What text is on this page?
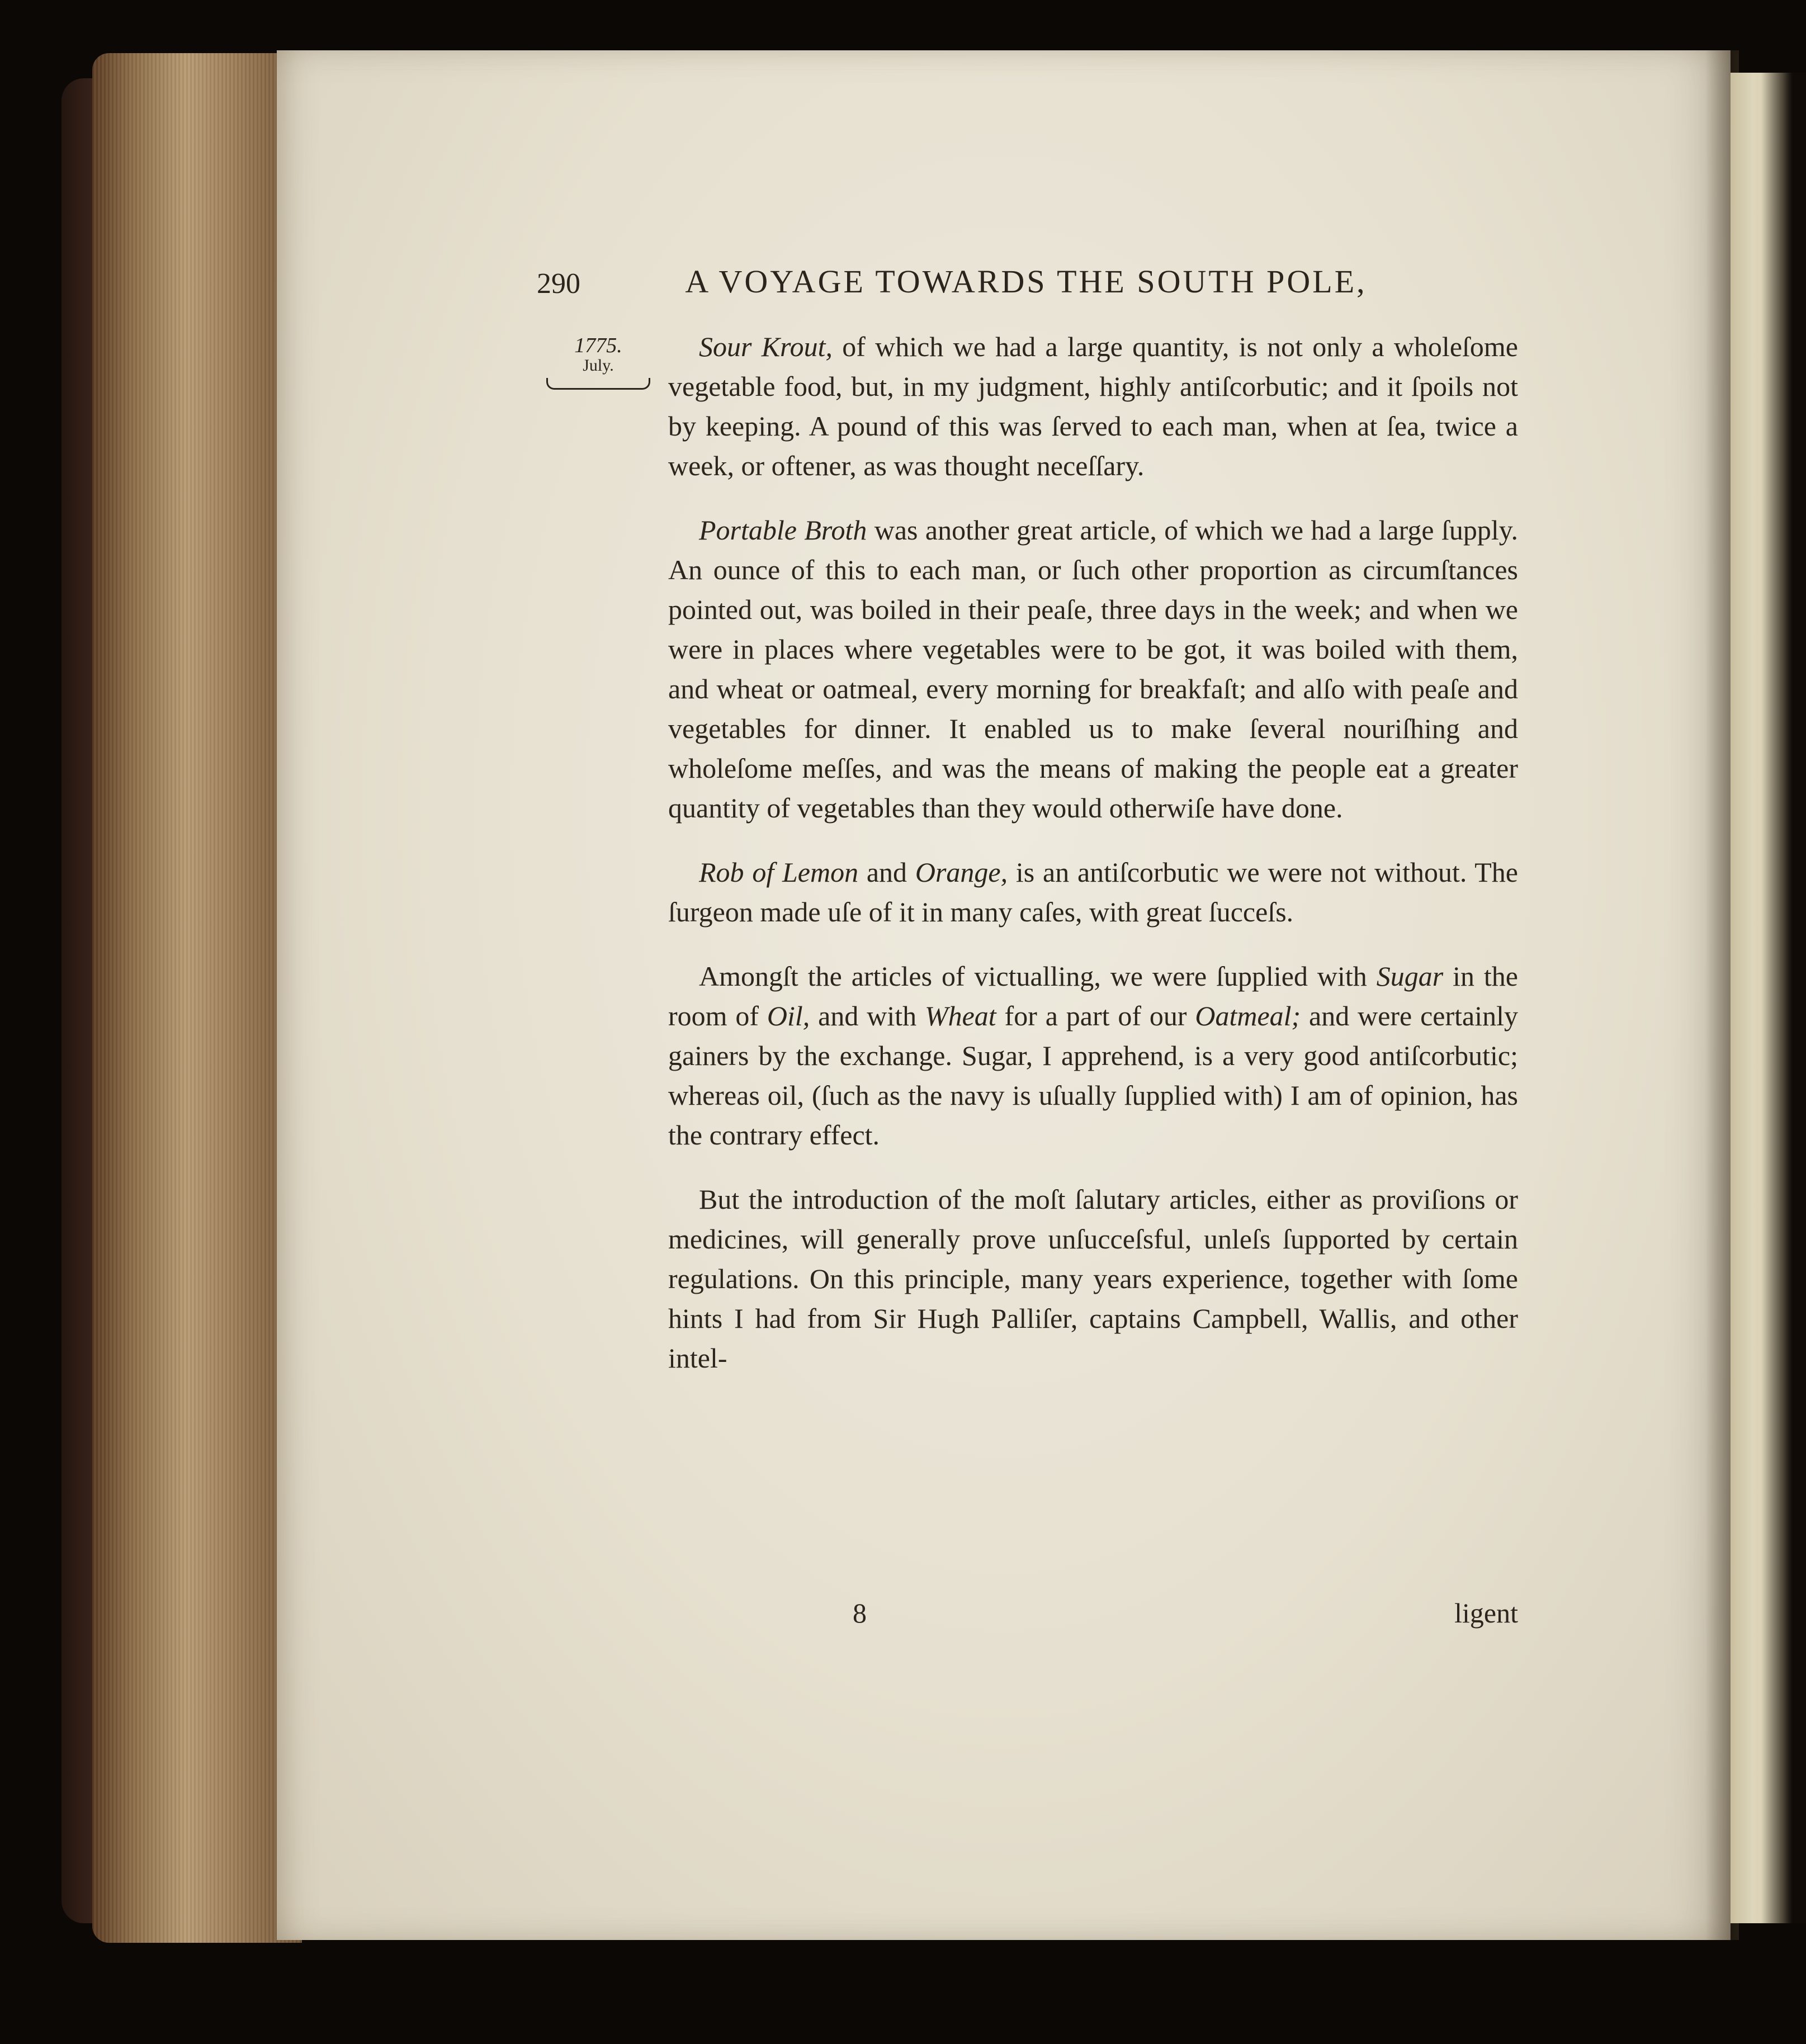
290	A VOYAGE TOWARDS THE SOUTH POLE,
1775.
July.

Sour Krout, of which we had a large quantity, is not only a wholeſome vegetable food, but, in my judgment, highly antiſcorbutic; and it ſpoils not by keeping. A pound of this was ſerved to each man, when at ſea, twice a week, or oftener, as was thought neceſſary.

Portable Broth was another great article, of which we had a large ſupply. An ounce of this to each man, or ſuch other proportion as circumſtances pointed out, was boiled in their peaſe, three days in the week; and when we were in places where vegetables were to be got, it was boiled with them, and wheat or oatmeal, every morning for breakfaſt; and alſo with peaſe and vegetables for dinner. It enabled us to make ſeveral nouriſhing and wholeſome meſſes, and was the means of making the people eat a greater quantity of vegetables than they would otherwiſe have done.

Rob of Lemon and Orange, is an antiſcorbutic we were not without. The ſurgeon made uſe of it in many caſes, with great ſucceſs.

Amongſt the articles of victualling, we were ſupplied with Sugar in the room of Oil, and with Wheat for a part of our Oatmeal; and were certainly gainers by the exchange. Sugar, I apprehend, is a very good antiſcorbutic; whereas oil, (ſuch as the navy is uſually ſupplied with) I am of opinion, has the contrary effect.

But the introduction of the moſt ſalutary articles, either as proviſions or medicines, will generally prove unſucceſsful, unleſs ſupported by certain regulations. On this principle, many years experience, together with ſome hints I had from Sir Hugh Palliſer, captains Campbell, Wallis, and other intel-

8	ligent
